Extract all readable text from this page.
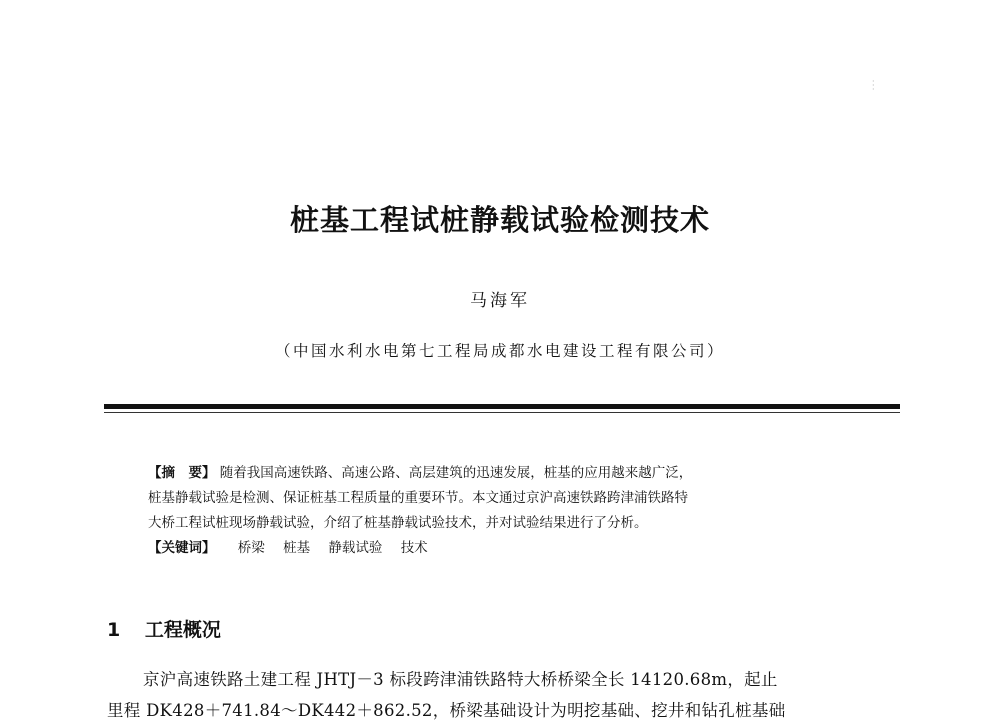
· · ·
桩基工程试桩静载试验检测技术
马海军
（中国水利水电第七工程局成都水电建设工程有限公司）
【摘　要】 随着我国高速铁路、高速公路、高层建筑的迅速发展，桩基的应用越来越广泛，
桩基静载试验是检测、保证桩基工程质量的重要环节。本文通过京沪高速铁路跨津浦铁路特
大桥工程试桩现场静载试验，介绍了桩基静载试验技术，并对试验结果进行了分析。
【关键词】 桥梁 桩基 静载试验 技术
1 工程概况
京沪高速铁路土建工程 JHTJ－3 标段跨津浦铁路特大桥桥梁全长 14120.68m，起止
里程 DK428＋741.84～DK442＋862.52，桥梁基础设计为明挖基础、挖井和钻孔桩基础
